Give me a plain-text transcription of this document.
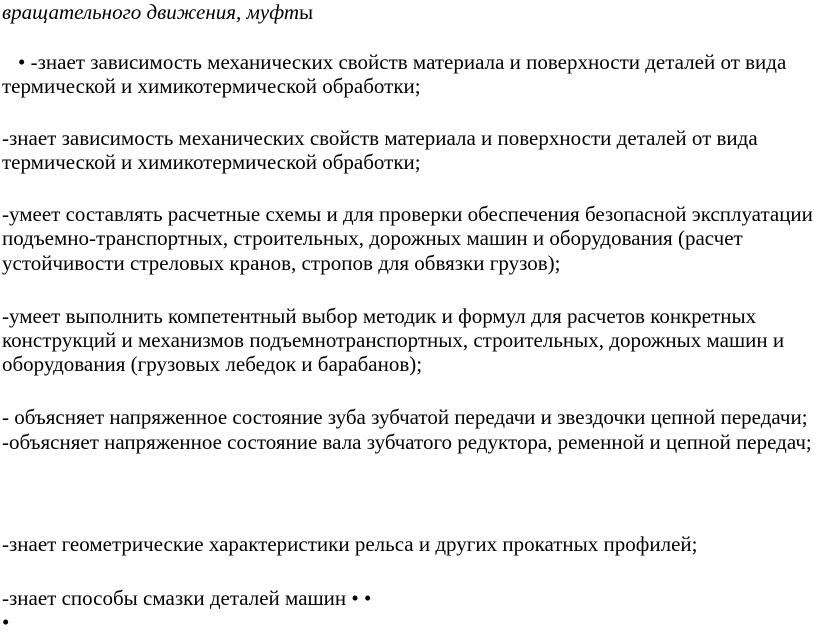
вращательного движения, муфты
• -знает зависимость механических свойств материала и поверхности деталей от вида
термической и химикотермической обработки;
-знает зависимость механических свойств материала и поверхности деталей от вида
термической и химикотермической обработки;
-умеет составлять расчетные схемы и для проверки обеспечения безопасной эксплуатации
подъемно-транспортных, строительных, дорожных машин и оборудования (расчет
устойчивости стреловых кранов, стропов для обвязки грузов);
-умеет выполнить компетентный выбор методик и формул для расчетов конкретных
конструкций и механизмов подъемнотранспортных, строительных, дорожных машин и
оборудования (грузовых лебедок и барабанов);
- объясняет напряженное состояние зуба зубчатой передачи и звездочки цепной передачи;
-объясняет напряженное состояние вала зубчатого редуктора, ременной и цепной передач;
-знает геометрические характеристики рельса и других прокатных профилей;
-знает способы смазки деталей машин • •
•
